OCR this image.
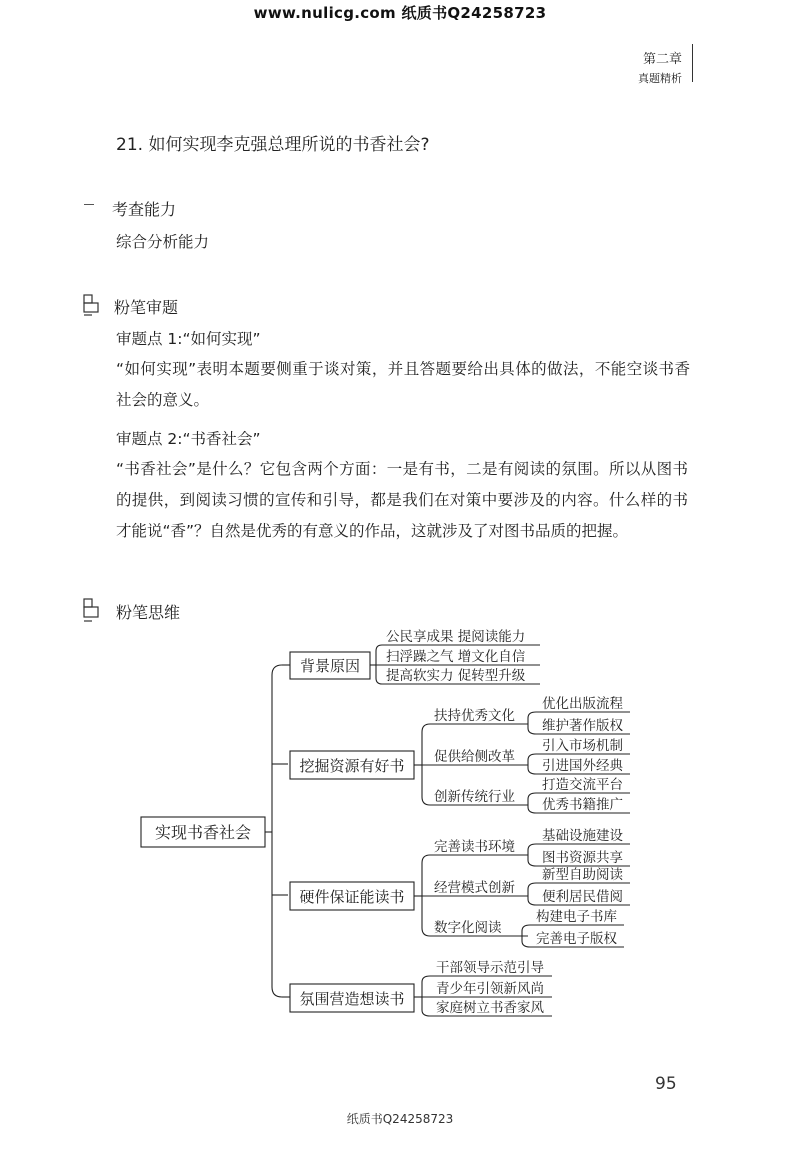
www.nulicg.com 纸质书Q24258723
第二章
真题精析
21. 如何实现李克强总理所说的书香社会?
考查能力
综合分析能力
粉笔审题
审题点 1:“如何实现”
“如何实现”表明本题要侧重于谈对策，并且答题要给出具体的做法，不能空谈书香社会的意义。
审题点 2:“书香社会”
“书香社会”是什么？它包含两个方面：一是有书，二是有阅读的氛围。所以从图书的提供，到阅读习惯的宣传和引导，都是我们在对策中要涉及的内容。什么样的书才能说“香”？自然是优秀的有意义的作品，这就涉及了对图书品质的把握。
粉笔思维
实现书香社会
背景原因
公民享成果 提阅读能力
扫浮躁之气 增文化自信
提高软实力 促转型升级
挖掘资源有好书
扶持优秀文化
促供给侧改革
创新传统行业
优化出版流程
维护著作版权
引入市场机制
引进国外经典
打造交流平台
优秀书籍推广
硬件保证能读书
完善读书环境
经营模式创新
数字化阅读
基础设施建设
图书资源共享
新型自助阅读
便利居民借阅
构建电子书库
完善电子版权
氛围营造想读书
干部领导示范引导
青少年引领新风尚
家庭树立书香家风
95
纸质书Q24258723
